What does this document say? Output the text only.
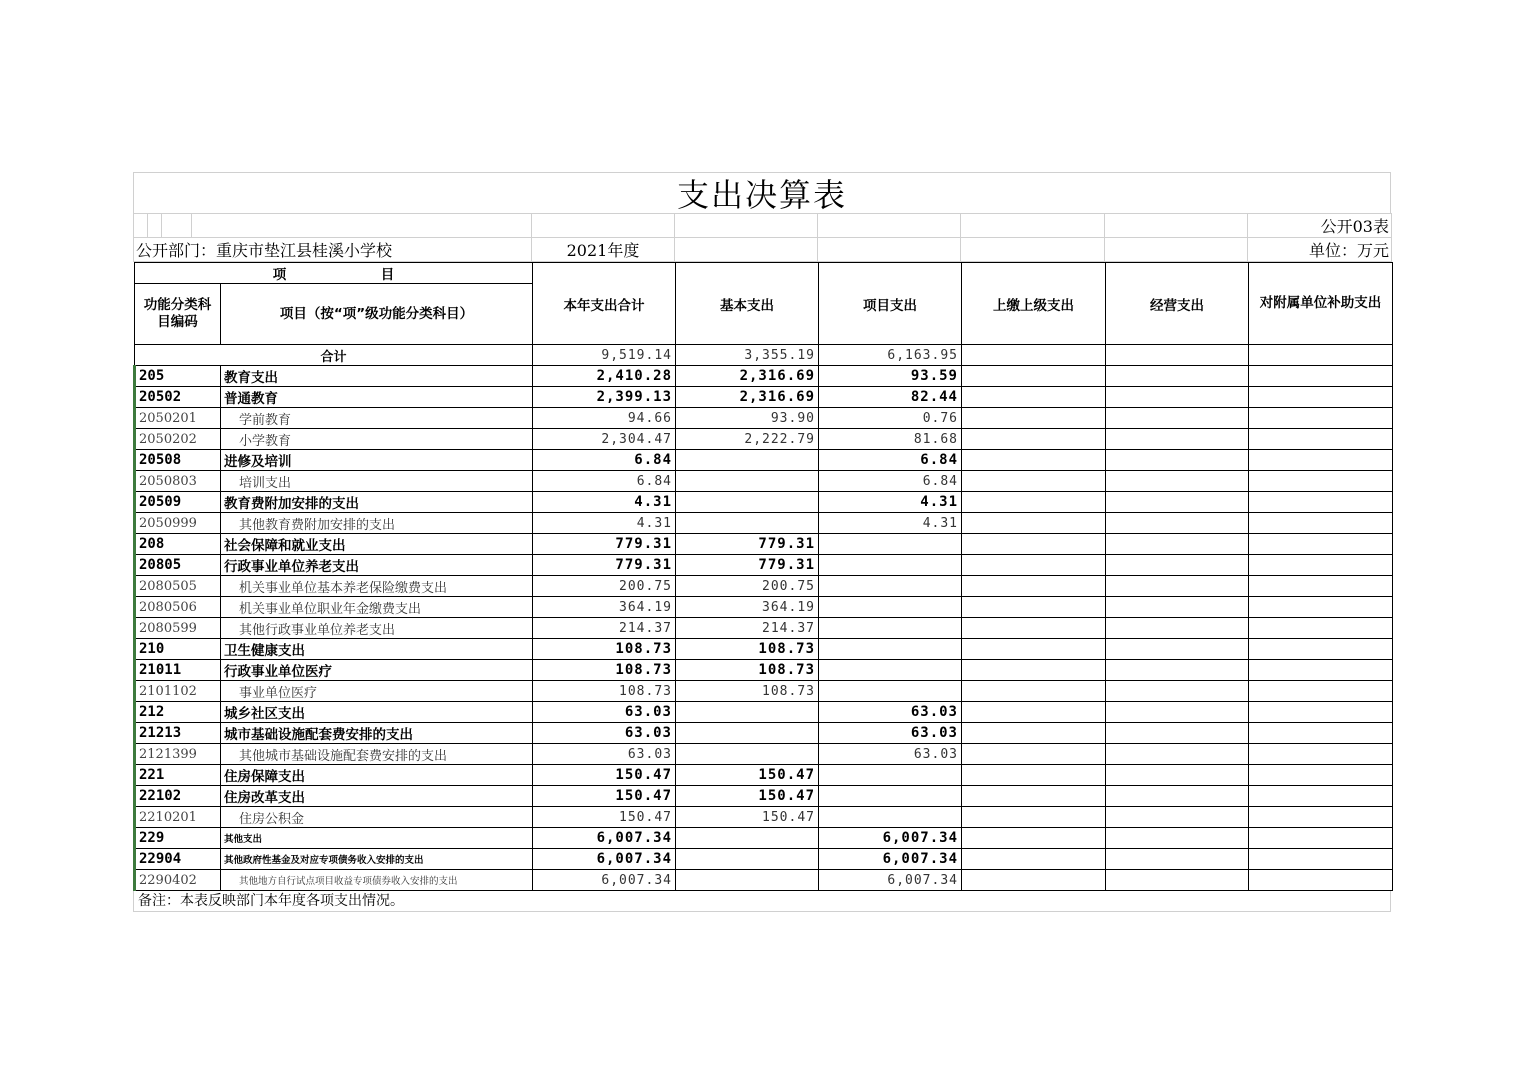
支出决算表
									公开03表
公开部门：重庆市垫江县桂溪小学校				2021年度					单位：万元
项　　　　　　　目		本年支出合计	基本支出	项目支出	上缴上级支出	经营支出	对附属单位补助支出
功能分类科目编码	项目（按“项”级功能分类科目）						
合计		9,519.14	3,355.19	6,163.95			
205	教育支出	2,410.28	2,316.69	93.59			
20502	普通教育	2,399.13	2,316.69	82.44			
2050201	学前教育	94.66	93.90	0.76			
2050202	小学教育	2,304.47	2,222.79	81.68			
20508	进修及培训	6.84		6.84			
2050803	培训支出	6.84		6.84			
20509	教育费附加安排的支出	4.31		4.31			
2050999	其他教育费附加安排的支出	4.31		4.31			
208	社会保障和就业支出	779.31	779.31				
20805	行政事业单位养老支出	779.31	779.31				
2080505	机关事业单位基本养老保险缴费支出	200.75	200.75				
2080506	机关事业单位职业年金缴费支出	364.19	364.19				
2080599	其他行政事业单位养老支出	214.37	214.37				
210	卫生健康支出	108.73	108.73				
21011	行政事业单位医疗	108.73	108.73				
2101102	事业单位医疗	108.73	108.73				
212	城乡社区支出	63.03		63.03			
21213	城市基础设施配套费安排的支出	63.03		63.03			
2121399	其他城市基础设施配套费安排的支出	63.03		63.03			
221	住房保障支出	150.47	150.47				
22102	住房改革支出	150.47	150.47				
2210201	住房公积金	150.47	150.47				
229	其他支出	6,007.34		6,007.34			
22904	其他政府性基金及对应专项债务收入安排的支出	6,007.34		6,007.34			
2290402	其他地方自行试点项目收益专项债券收入安排的支出	6,007.34		6,007.34			
备注：本表反映部门本年度各项支出情况。
